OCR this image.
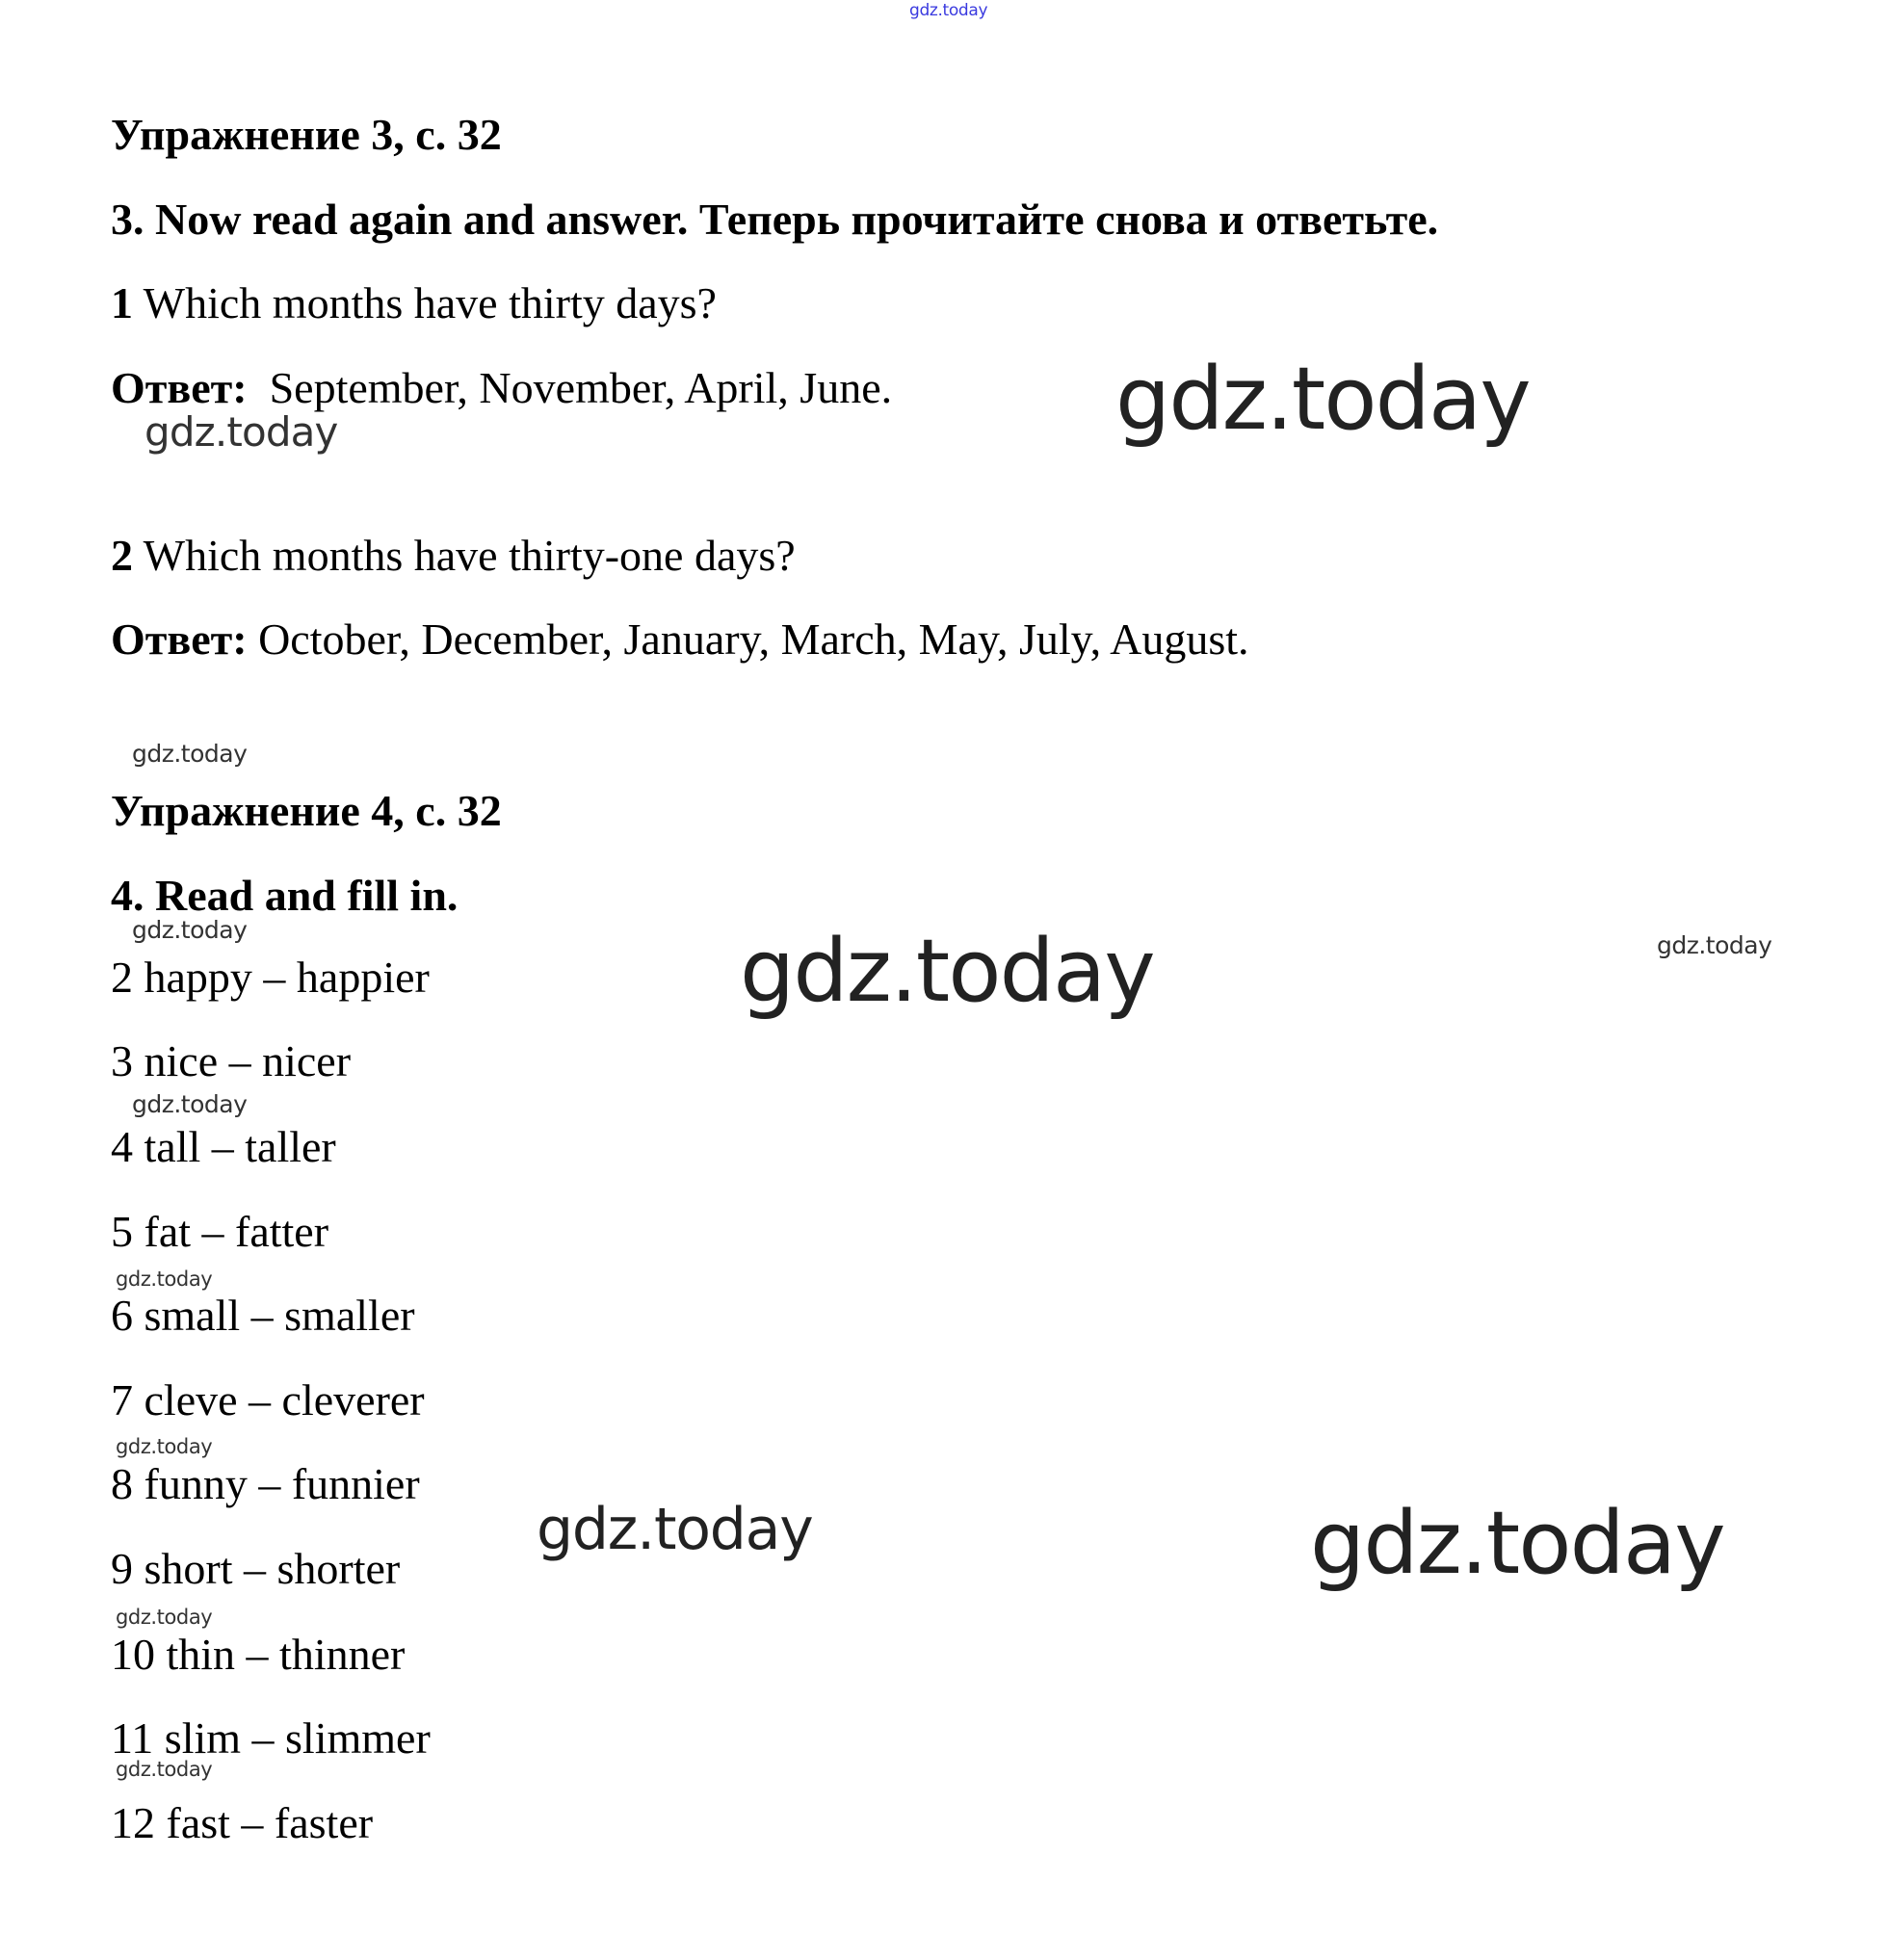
gdz.today
gdz.today	gdz.today
gdz.today
gdz.today	gdz.today	gdz.today
gdz.today
gdz.today
gdz.today
gdz.today	gdz.today
gdz.today
gdz.today
Упражнение 3, с. 32
3. Now read again and answer. Теперь прочитайте снова и ответьте.
1 Which months have thirty days?
Ответ: September, November, April, June.
2 Which months have thirty-one days?
Ответ: October, December, January, March, May, July, August.
Упражнение 4, с. 32
4. Read and fill in.
2 happy – happier
3 nice – nicer
4 tall – taller
5 fat – fatter
6 small – smaller
7 cleve – cleverer
8 funny – funnier
9 short – shorter
10 thin – thinner
11 slim – slimmer
12 fast – faster
